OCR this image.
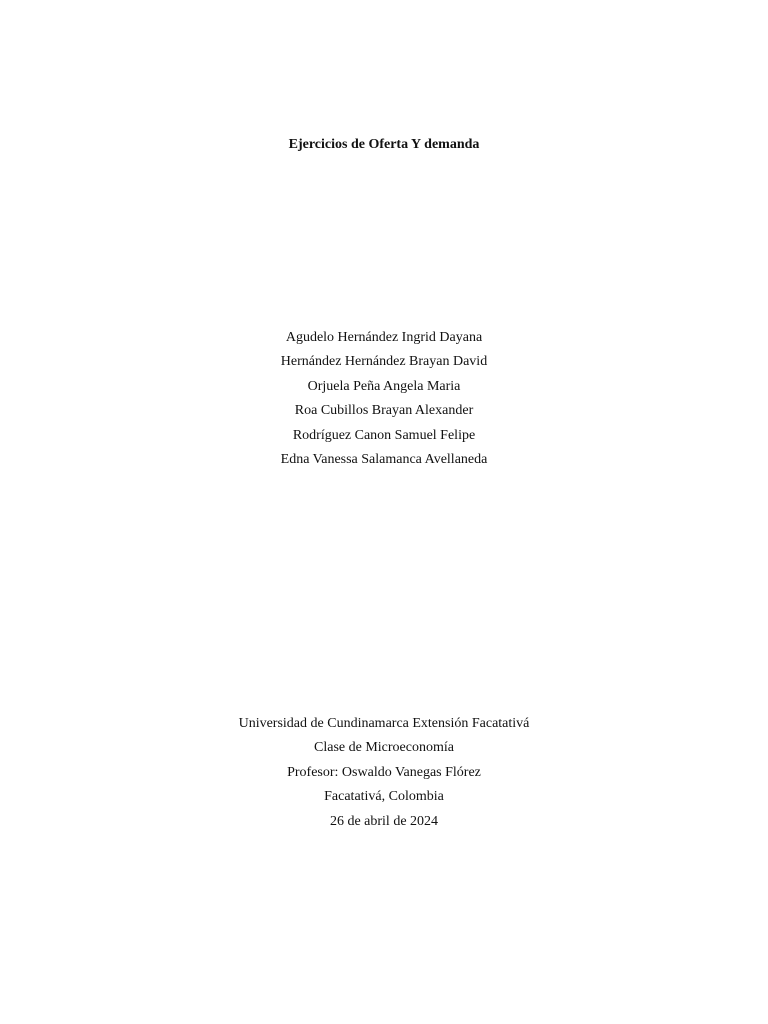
Ejercicios de Oferta Y demanda
Agudelo Hernández Ingrid Dayana
Hernández Hernández Brayan David
Orjuela Peña Angela Maria
Roa Cubillos Brayan Alexander
Rodríguez Canon Samuel Felipe
Edna Vanessa Salamanca Avellaneda
Universidad de Cundinamarca Extensión Facatativá
Clase de Microeconomía
Profesor: Oswaldo Vanegas Flórez
Facatativá, Colombia
26 de abril de 2024
